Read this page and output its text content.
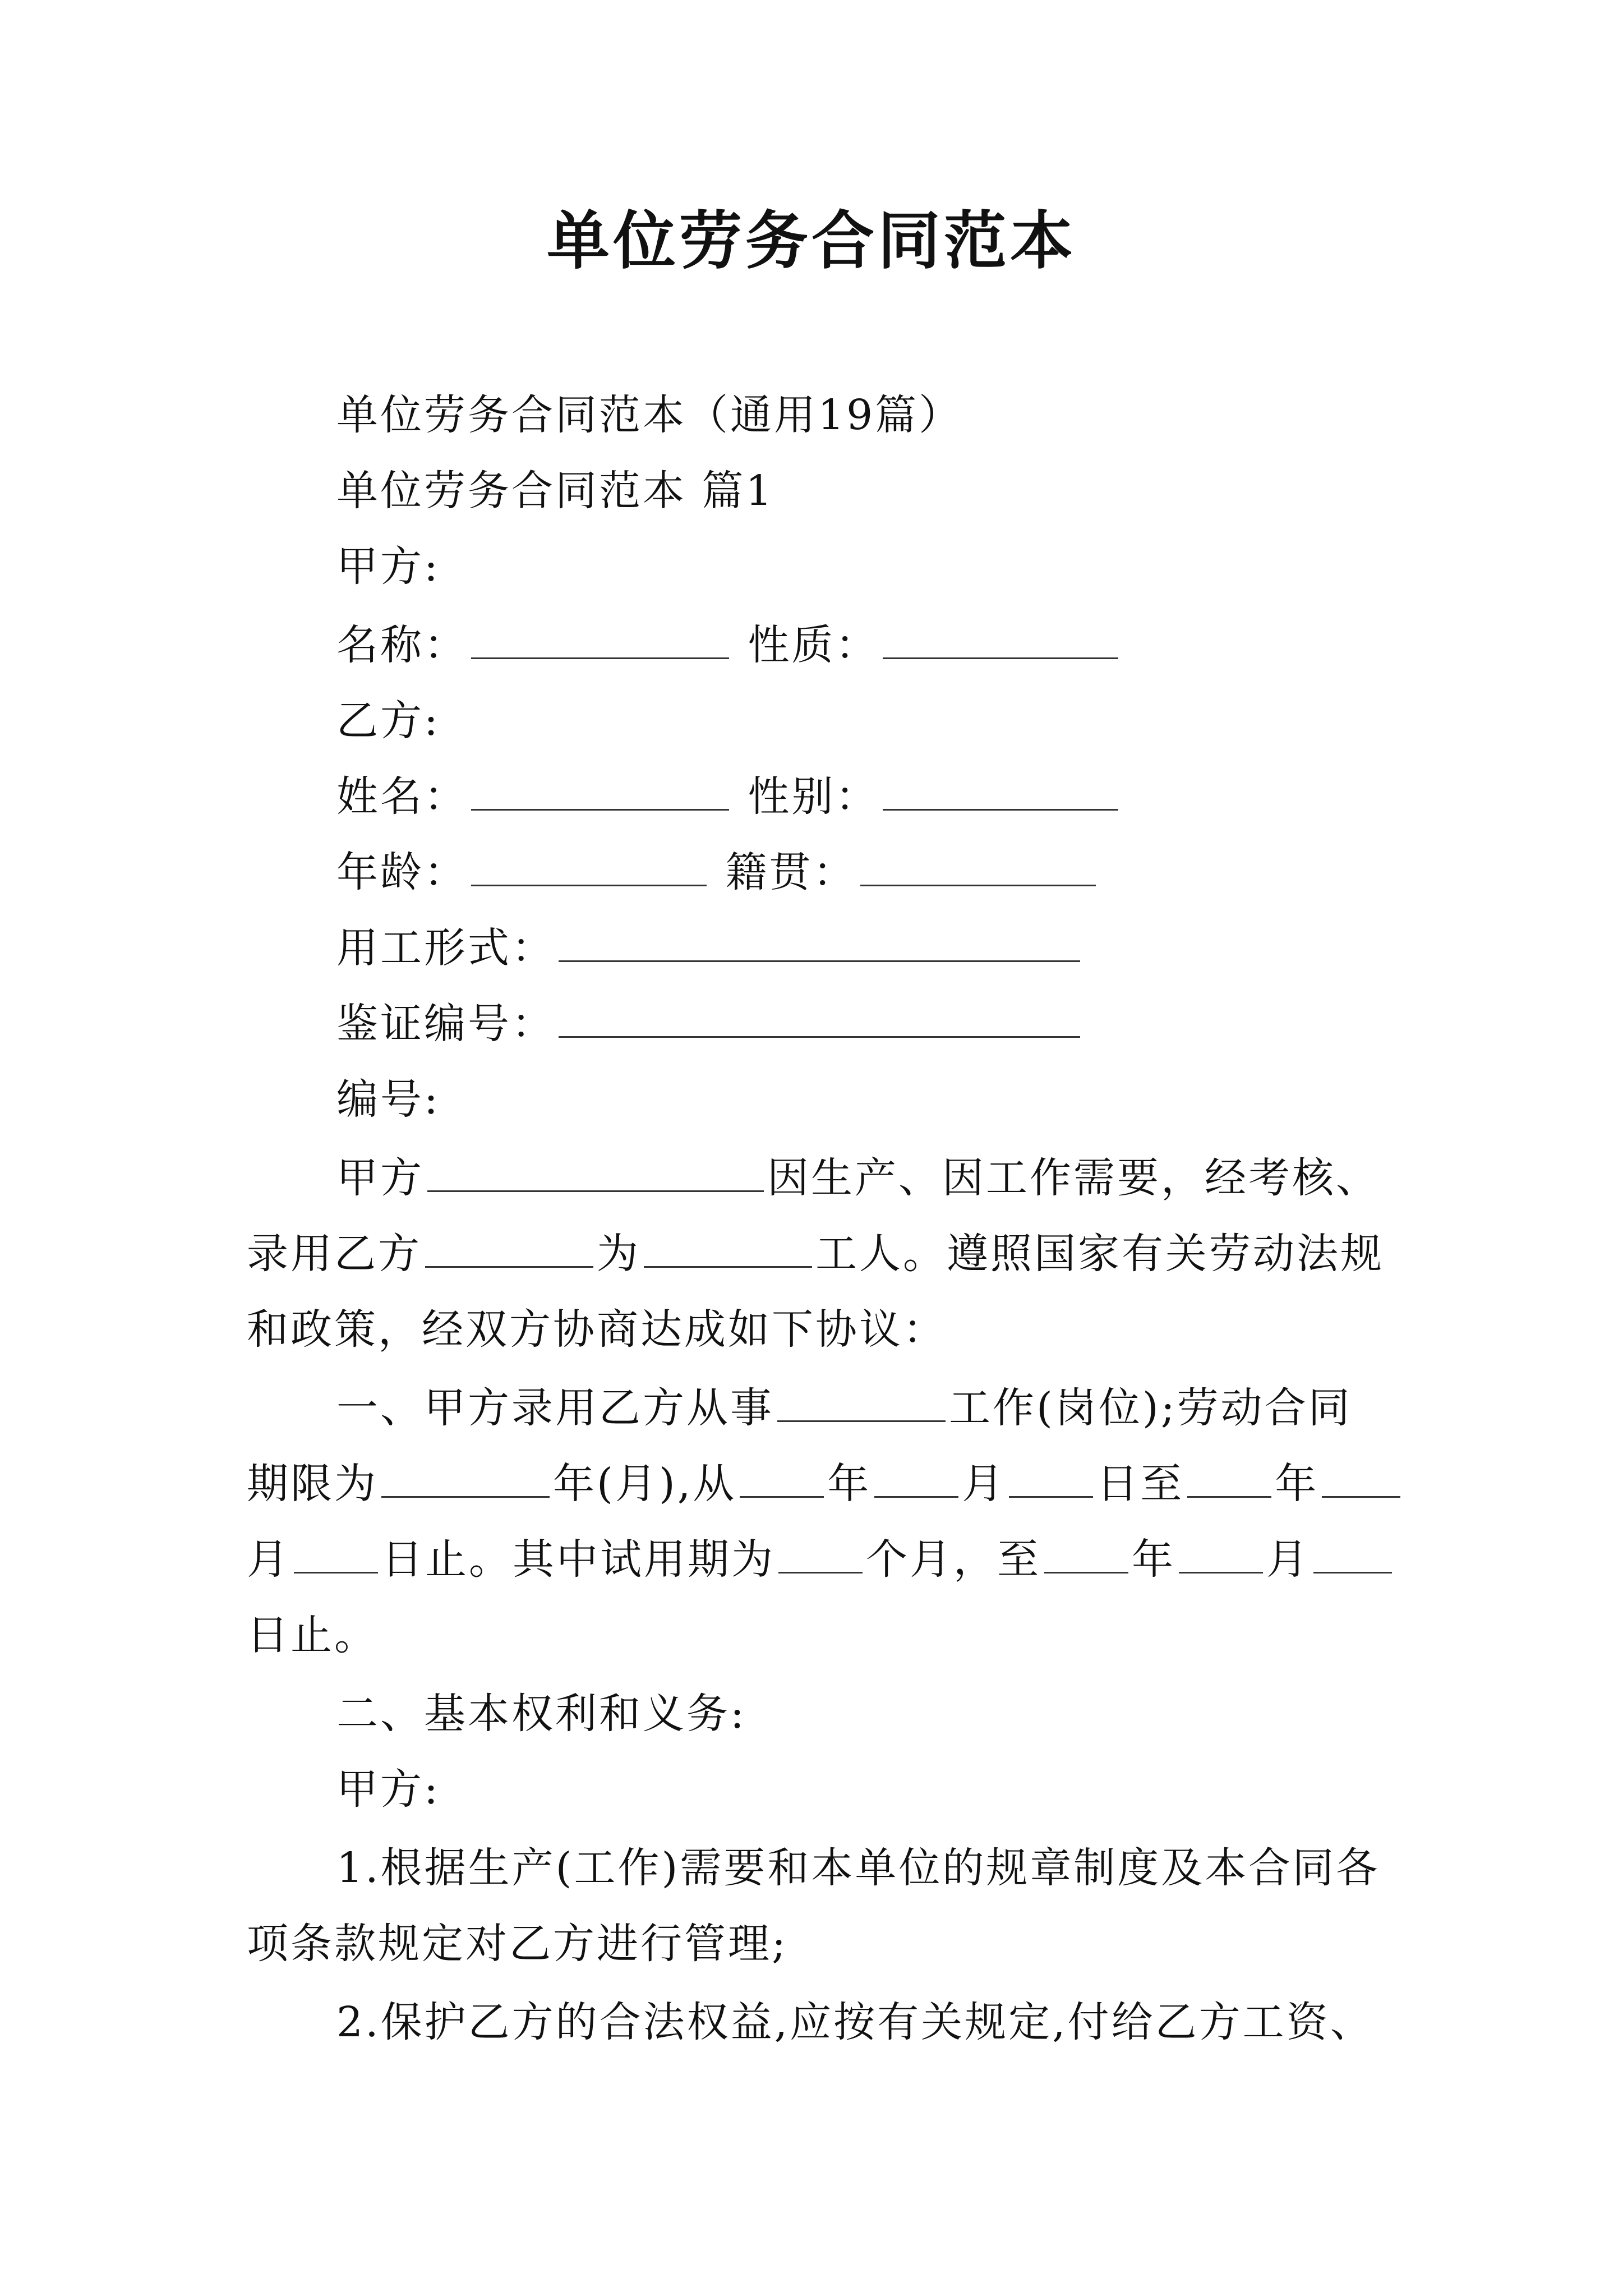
单位劳务合同范本
单位劳务合同范本（通用19篇）
单位劳务合同范本 篇1
甲方:
名称：	性质：
乙方:
姓名：	性别：
年龄：	籍贯：
用工形式：
鉴证编号：
编号:
甲方	因生产、因工作需要，经考核、
录用乙方	为	工人。遵照国家有关劳动法规
和政策，经双方协商达成如下协议：
一、甲方录用乙方从事	工作(岗位);劳动合同
期限为	年(月),从 年 月 日至 年
月 日止。其中试用期为 个月，至 年 月
日止。
二、基本权利和义务:
甲方:
1.根据生产(工作)需要和本单位的规章制度及本合同各
项条款规定对乙方进行管理;
2.保护乙方的合法权益,应按有关规定,付给乙方工资、
